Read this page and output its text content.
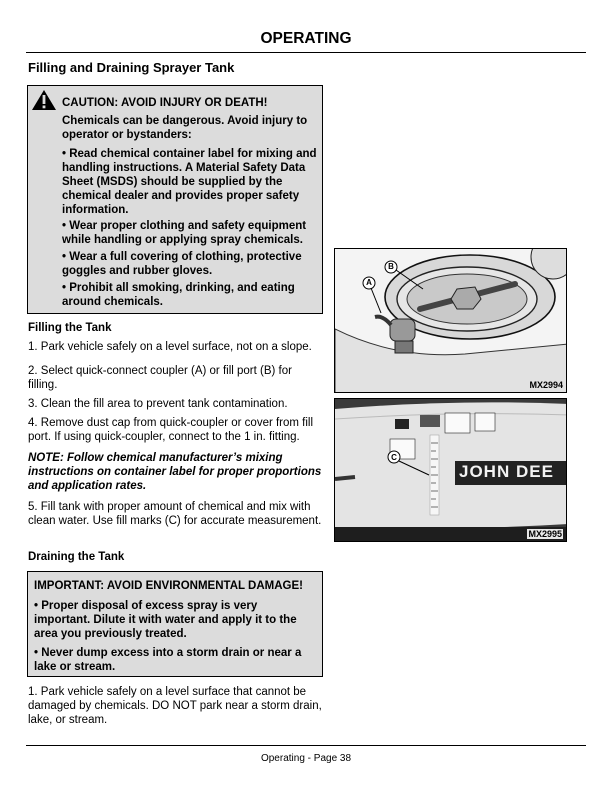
OPERATING
Filling and Draining Sprayer Tank
CAUTION: AVOID INJURY OR DEATH!
Chemicals can be dangerous. Avoid injury to operator or bystanders:
• Read chemical container label for mixing and handling instructions. A Material Safety Data Sheet (MSDS) should be supplied by the chemical dealer and provides proper safety information.
• Wear proper clothing and safety equipment while handling or applying spray chemicals.
• Wear a full covering of clothing, protective goggles and rubber gloves.
• Prohibit all smoking, drinking, and eating around chemicals.
Filling the Tank
1. Park vehicle safely on a level surface, not on a slope.
2. Select quick-connect coupler (A) or fill port (B) for filling.
3. Clean the fill area to prevent tank contamination.
4. Remove dust cap from quick-coupler or cover from fill port. If using quick-coupler, connect to the 1 in. fitting.
NOTE: Follow chemical manufacturer’s mixing instructions on container label for proper proportions and application rates.
5. Fill tank with proper amount of chemical and mix with clean water. Use fill marks (C) for accurate measurement.
Draining the Tank
IMPORTANT: AVOID ENVIRONMENTAL DAMAGE!
• Proper disposal of excess spray is very important. Dilute it with water and apply it to the area you previously treated.
• Never dump excess into a storm drain or near a lake or stream.
1. Park vehicle safely on a level surface that cannot be damaged by chemicals. DO NOT park near a storm drain, lake, or stream.
A
B
MX2994
C
JOHN DEE
MX2995
Operating - Page 38
